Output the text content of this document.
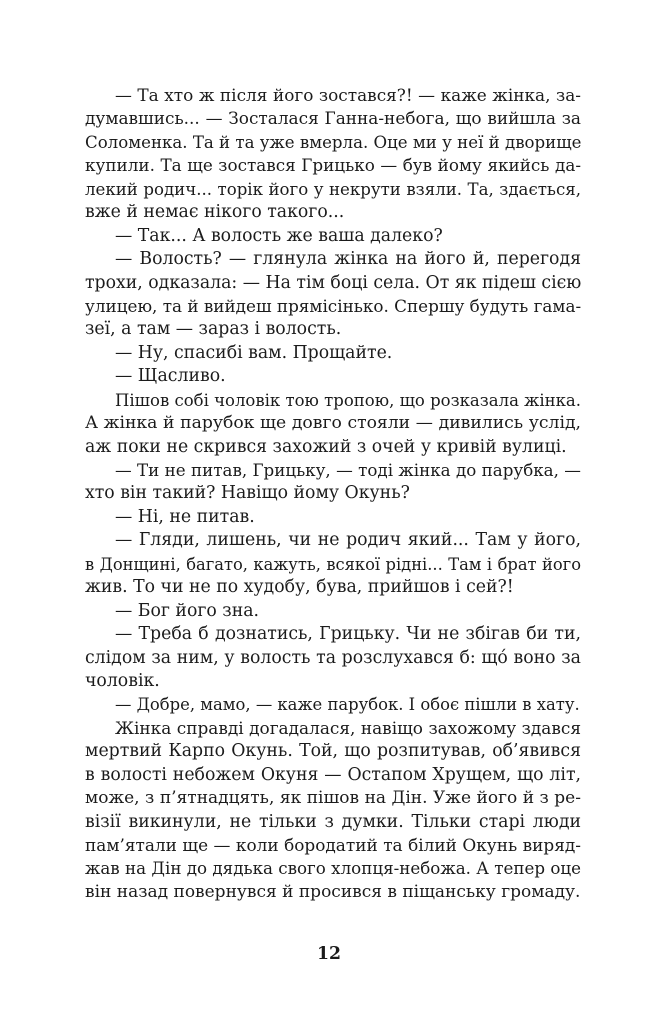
— Та хто ж після його зостався?! — каже жінка, за-
думавшись... — Зосталася Ганна-небога, що вийшла за
Соломенка. Та й та уже вмерла. Оце ми у неї й дворище
купили. Та ще зостався Грицько — був йому якийсь да-
лекий родич... торік його у некрути взяли. Та, здається,
вже й немає нікого такого...
— Так... А волость же ваша далеко?
— Волость? — глянула жінка на його й, перегодя
трохи, одказала: — На тім боці села. От як підеш сією
улицею, та й вийдеш прямісінько. Спершу будуть гама-
зеї, а там — зараз і волость.
— Ну, спасибі вам. Прощайте.
— Щасливо.
Пішов собі чоловік тою тропою, що розказала жінка.
А жінка й парубок ще довго стояли — дивились услід,
аж поки не скрився захожий з очей у кривій вулиці.
— Ти не питав, Грицьку, — тоді жінка до парубка, —
хто він такий? Навіщо йому Окунь?
— Ні, не питав.
— Гляди, лишень, чи не родич який... Там у його,
в Донщині, багато, кажуть, всякої рідні... Там і брат його
жив. То чи не по худобу, бува, прийшов і сей?!
— Бог його зна.
— Треба б дознатись, Грицьку. Чи не збігав би ти,
слідом за ним, у волость та розслухався б: що́ воно за
чоловік.
— Добре, мамо, — каже парубок. І обоє пішли в хату.
Жінка справді догадалася, навіщо захожому здався
мертвий Карпо Окунь. Той, що розпитував, об’явився
в волості небожем Окуня — Остапом Хрущем, що літ,
може, з п’ятнадцять, як пішов на Дін. Уже його й з ре-
візії викинули, не тільки з думки. Тільки старі люди
пам’ятали ще — коли бородатий та білий Окунь виряд-
жав на Дін до дядька свого хлопця-небожа. А тепер оце
він назад повернувся й просився в піщанську громаду.
12
